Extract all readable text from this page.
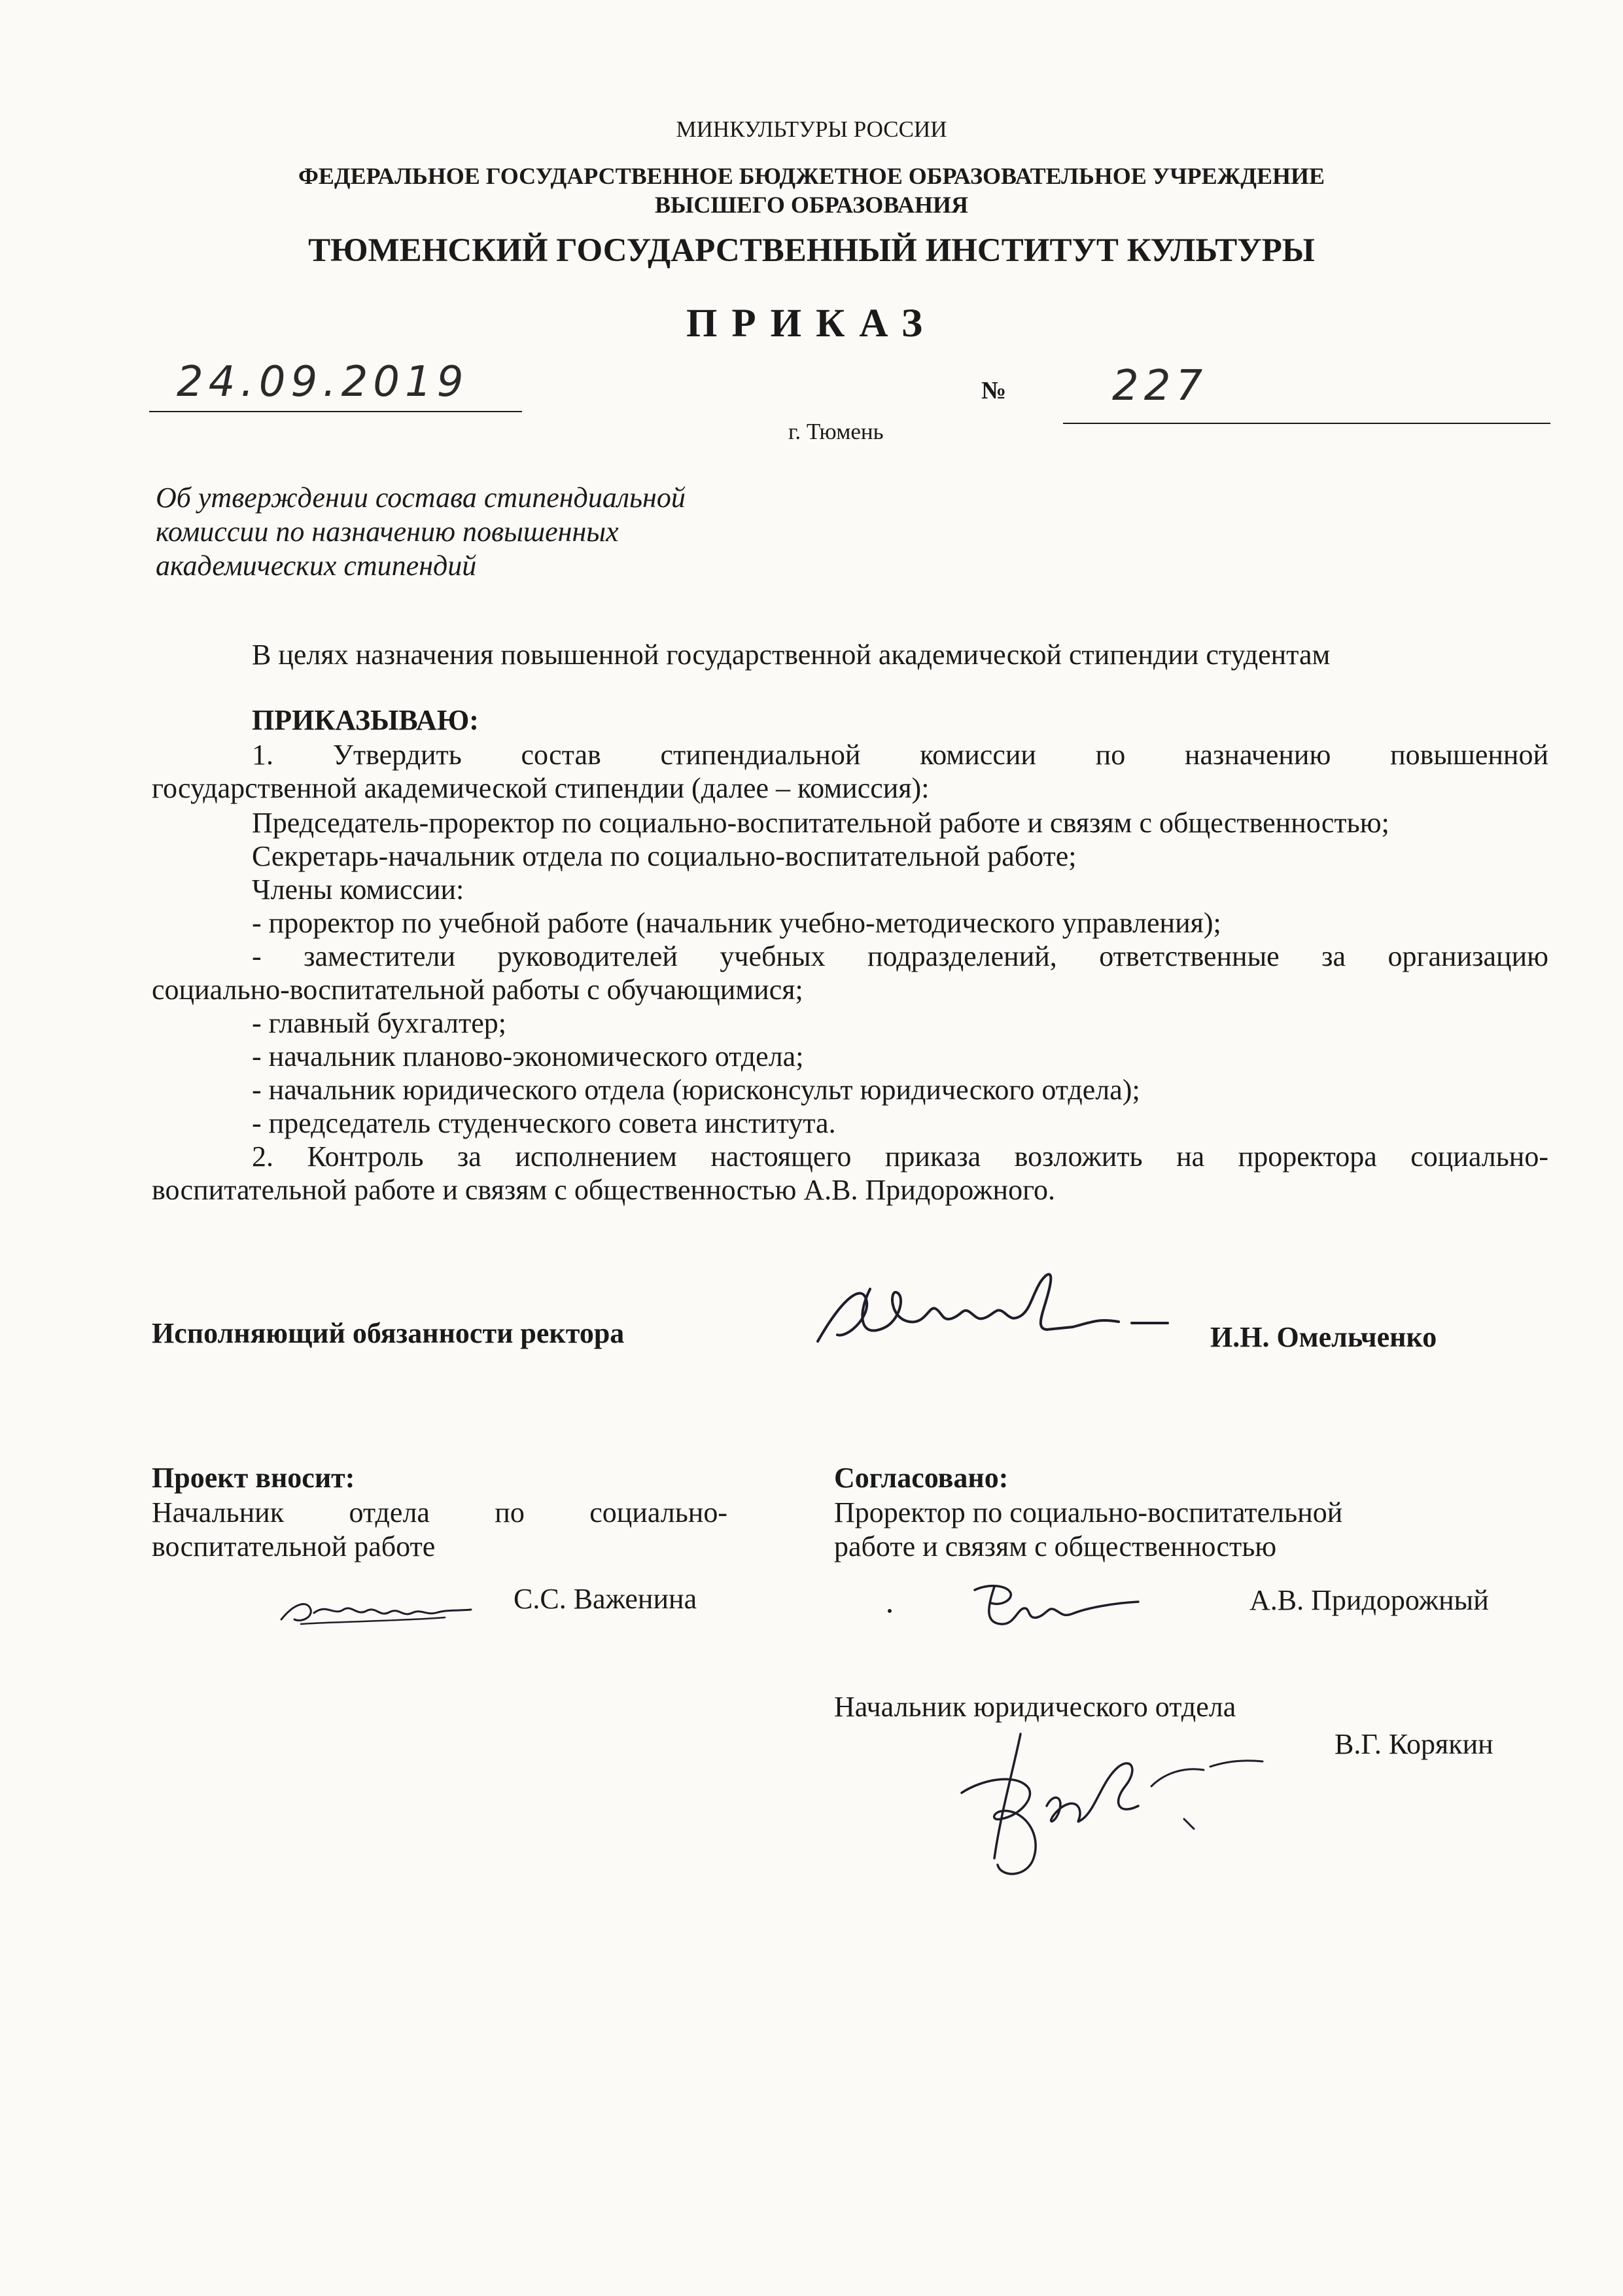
МИНКУЛЬТУРЫ РОССИИ
ФЕДЕРАЛЬНОЕ ГОСУДАРСТВЕННОЕ БЮДЖЕТНОЕ ОБРАЗОВАТЕЛЬНОЕ УЧРЕЖДЕНИЕ
ВЫСШЕГО ОБРАЗОВАНИЯ
ТЮМЕНСКИЙ ГОСУДАРСТВЕННЫЙ ИНСТИТУТ КУЛЬТУРЫ
ПРИКАЗ
24.09.2019	№	227
г. Тюмень
Об утверждении состава стипендиальной
комиссии по назначению повышенных
академических стипендий
В целях назначения повышенной государственной академической стипендии студентам
ПРИКАЗЫВАЮ:
1. Утвердить состав стипендиальной комиссии по назначению повышенной
государственной академической стипендии (далее – комиссия):
Председатель-проректор по социально-воспитательной работе и связям с общественностью;
Секретарь-начальник отдела по социально-воспитательной работе;
Члены комиссии:
- проректор по учебной работе (начальник учебно-методического управления);
- заместители руководителей учебных подразделений, ответственные за организацию
социально-воспитательной работы с обучающимися;
- главный бухгалтер;
- начальник планово-экономического отдела;
- начальник юридического отдела (юрисконсульт юридического отдела);
- председатель студенческого совета института.
2. Контроль за исполнением настоящего приказа возложить на проректора социально-
воспитательной работе и связям с общественностью А.В. Придорожного.
Исполняющий обязанности ректора	И.Н. Омельченко
Проект вносит:
Начальник отдела по социально-
воспитательной работе
С.С. Важенина
Согласовано:
Проректор по социально-воспитательной
работе и связям с общественностью
А.В. Придорожный
Начальник юридического отдела
В.Г. Корякин
